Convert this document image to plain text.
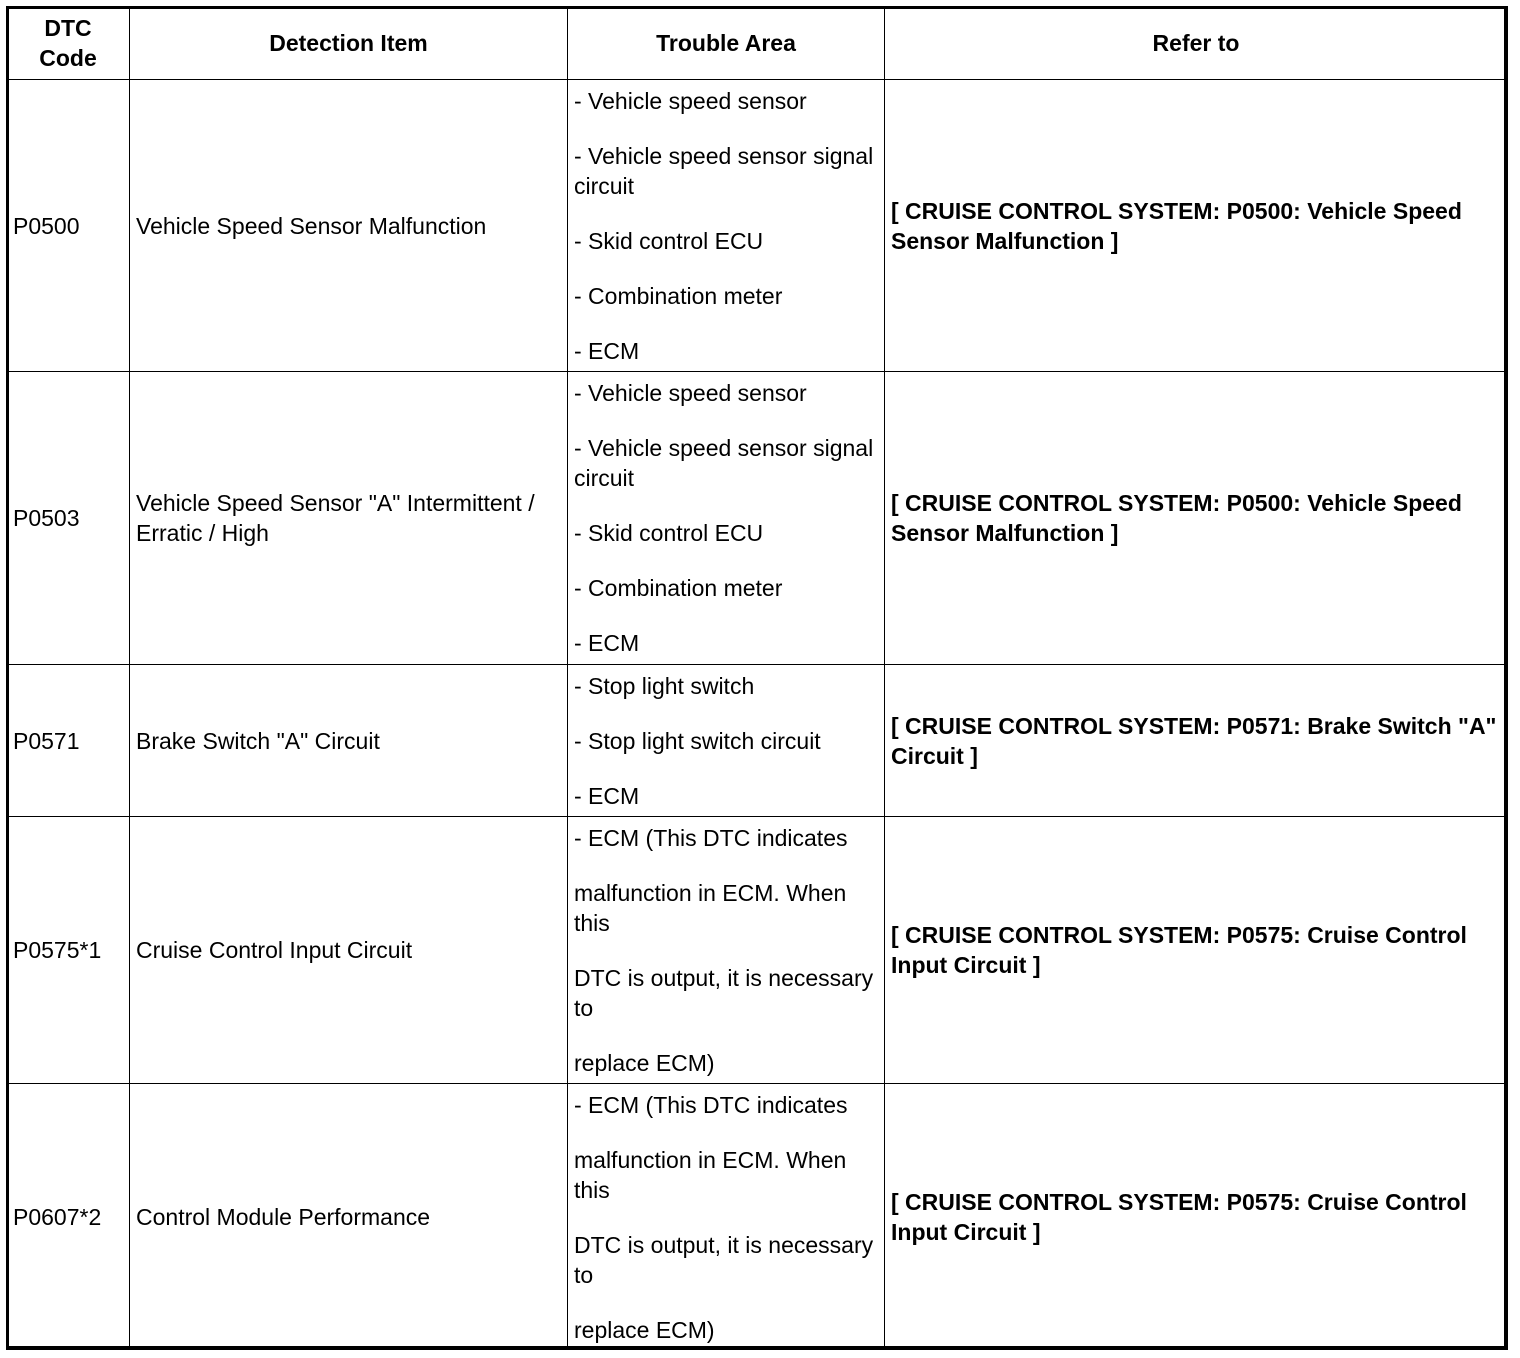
DTC Code	Detection Item	Trouble Area	Refer to
P0500	Vehicle Speed Sensor Malfunction	- Vehicle speed sensor
- Vehicle speed sensor signal circuit
- Skid control ECU
- Combination meter
- ECM	[ CRUISE CONTROL SYSTEM: P0500: Vehicle Speed Sensor Malfunction ]
P0503	Vehicle Speed Sensor "A" Intermittent / Erratic / High	- Vehicle speed sensor
- Vehicle speed sensor signal circuit
- Skid control ECU
- Combination meter
- ECM	[ CRUISE CONTROL SYSTEM: P0500: Vehicle Speed Sensor Malfunction ]
P0571	Brake Switch "A" Circuit	- Stop light switch
- Stop light switch circuit
- ECM	[ CRUISE CONTROL SYSTEM: P0571: Brake Switch "A" Circuit ]
P0575*1	Cruise Control Input Circuit	- ECM (This DTC indicates
malfunction in ECM. When this
DTC is output, it is necessary to
replace ECM)	[ CRUISE CONTROL SYSTEM: P0575: Cruise Control Input Circuit ]
P0607*2	Control Module Performance	- ECM (This DTC indicates
malfunction in ECM. When this
DTC is output, it is necessary to
replace ECM)	[ CRUISE CONTROL SYSTEM: P0575: Cruise Control Input Circuit ]
